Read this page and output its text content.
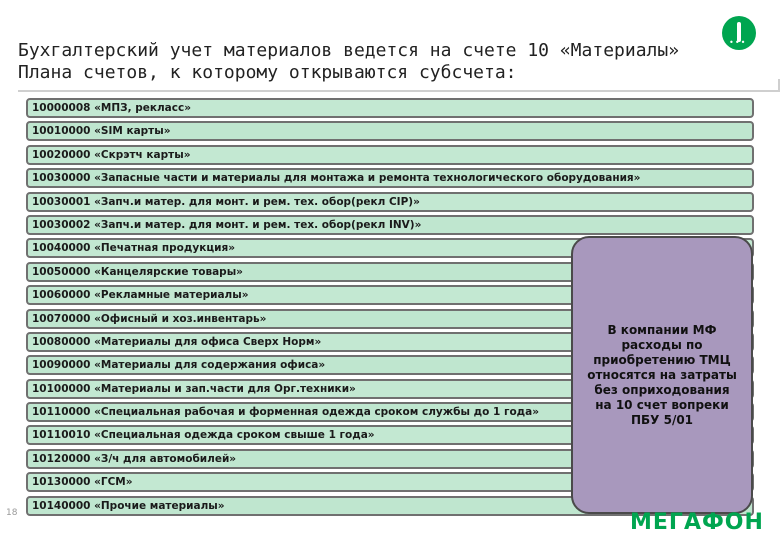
•••
Бухгалтерский учет материалов ведется на счете 10 «Материалы»
Плана счетов, к которому открываются субсчета:
10000008 «МПЗ, реклаcс»
10010000 «SIM карты»
10020000 «Скрэтч карты»
10030000 «Запасные части и материалы для монтажа и ремонта технологического оборудования»
10030001 «Запч.и матер. для монт. и рем. тех. обор(рекл CIP)»
10030002 «Запч.и матер. для монт. и рем. тех. обор(рекл INV)»
10040000 «Печатная продукция»
10050000 «Канцелярские товары»
10060000 «Рекламные материалы»
10070000 «Офисный и хоз.инвентарь»
10080000 «Материалы для офиса Сверх Норм»
10090000 «Материалы для содержания офиса»
10100000 «Материалы и зап.части для Орг.техники»
10110000 «Специальная рабочая и форменная одежда сроком службы до 1 года»
10110010 «Специальная одежда сроком свыше 1 года»
10120000 «З/ч для автомобилей»
10130000 «ГСМ»
10140000 «Прочие материалы»
В компании МФ
расходы по
приобретению ТМЦ
относятся на затраты
без оприходования
на 10 счет вопреки
ПБУ 5/01
18	МЕГАФОН
